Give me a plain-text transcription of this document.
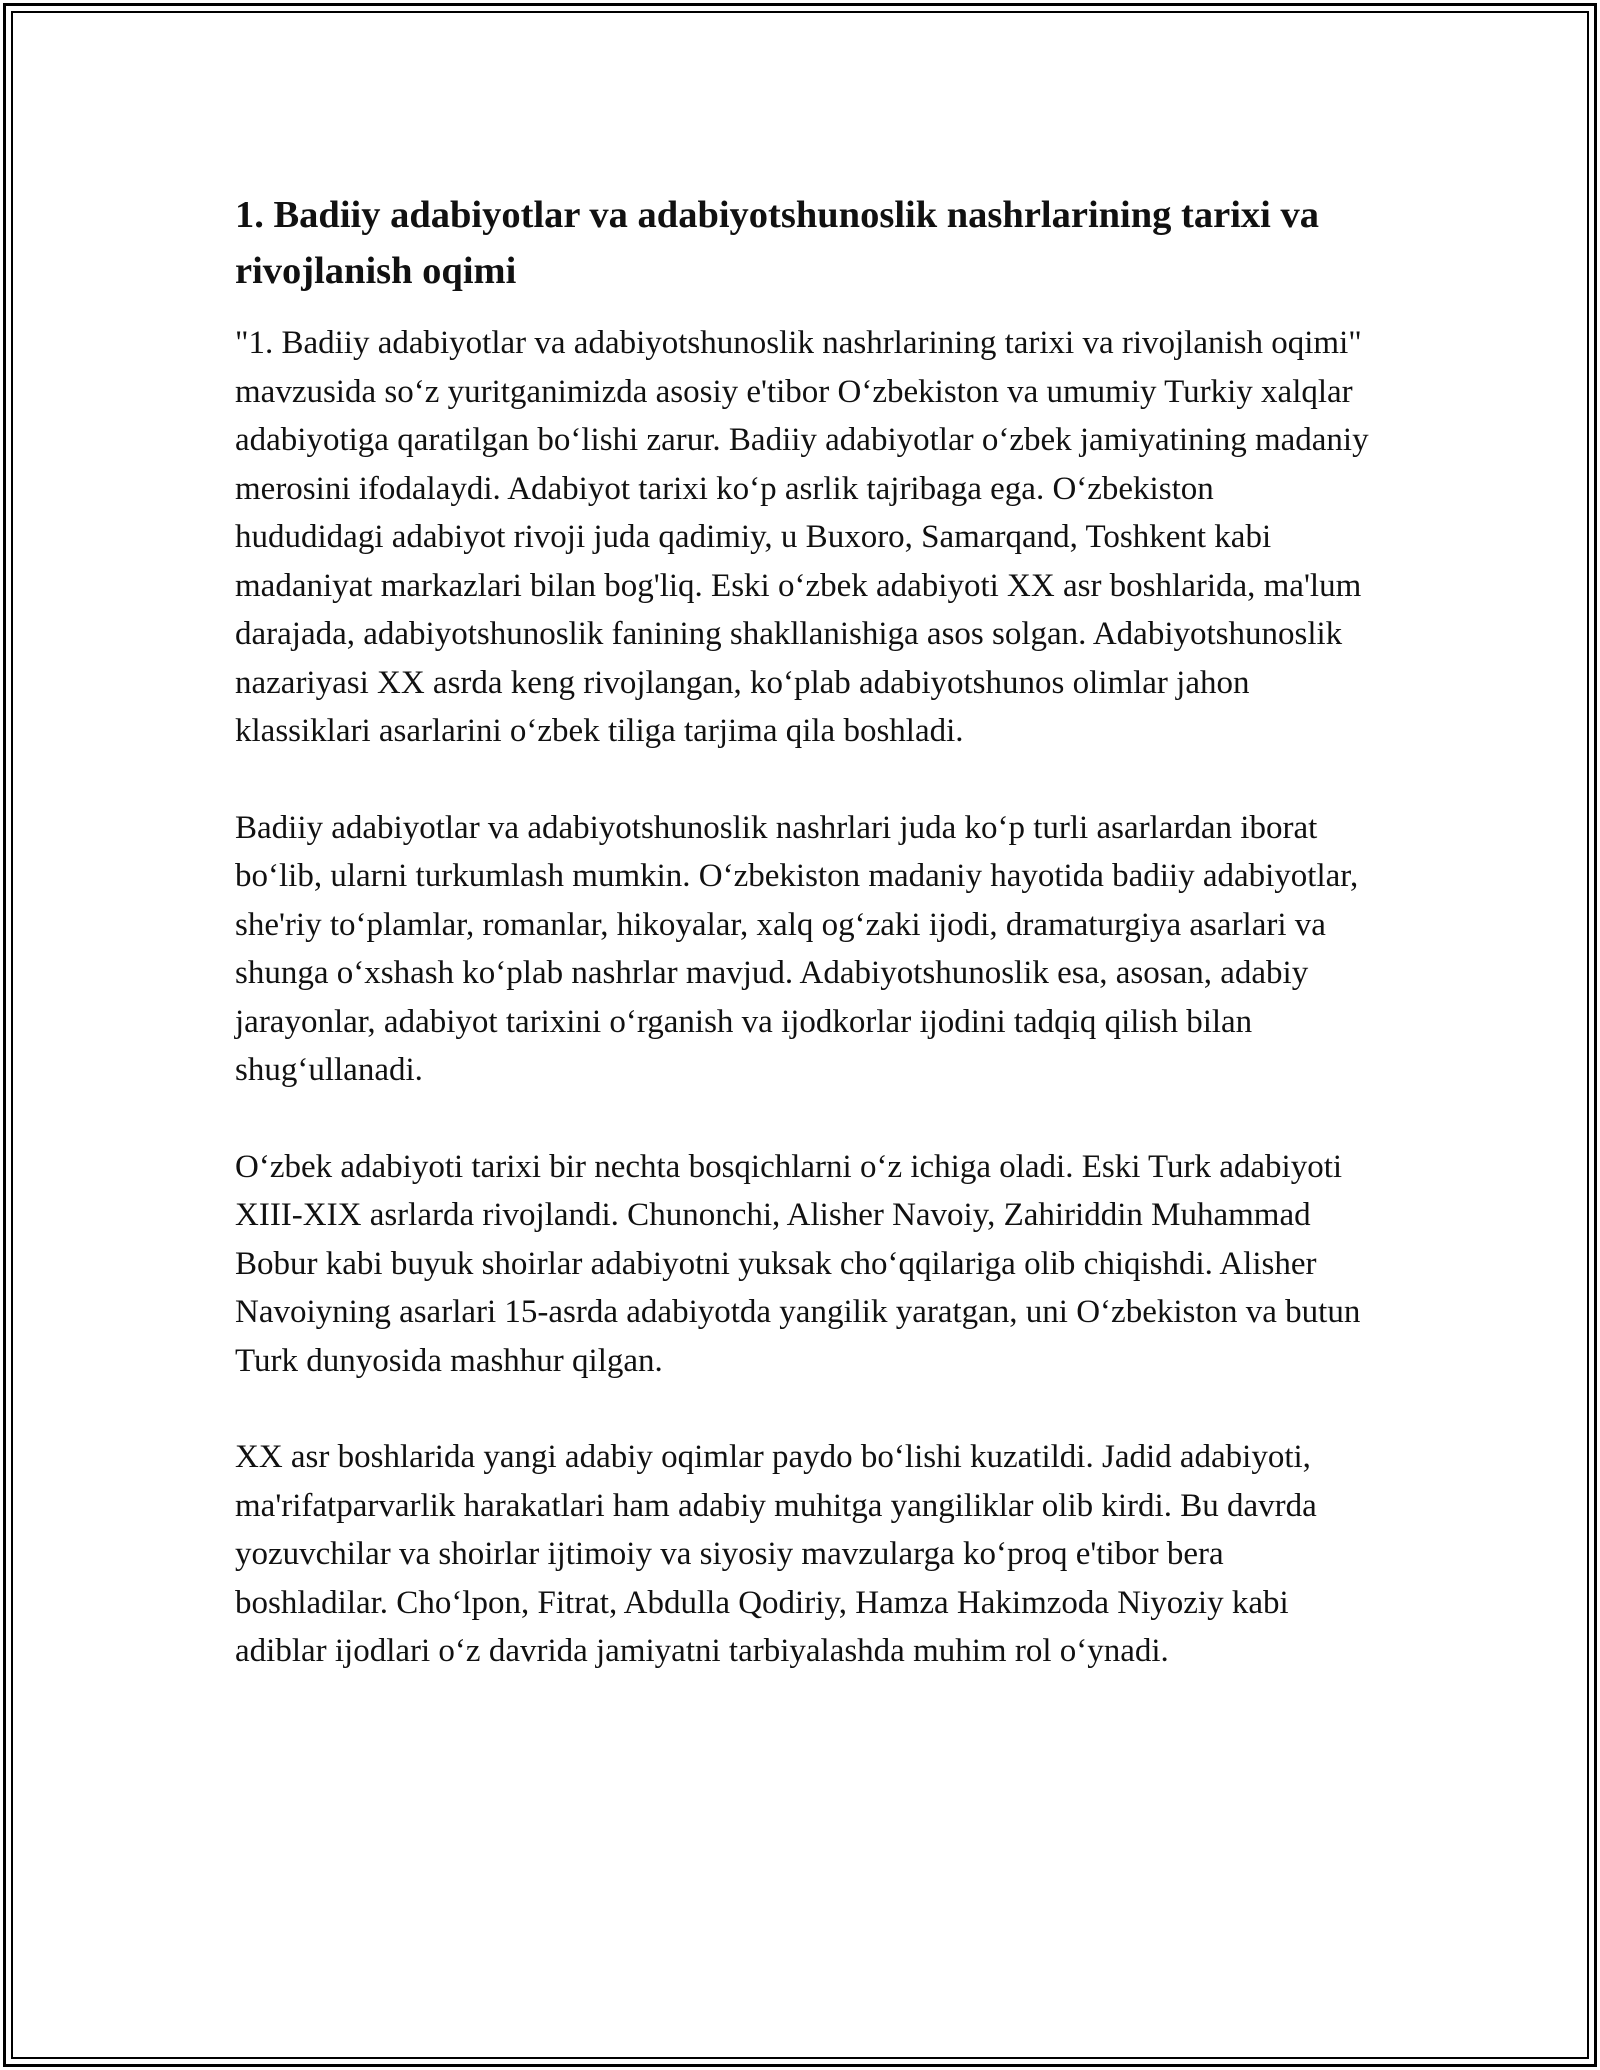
1. Badiiy adabiyotlar va adabiyotshunoslik nashrlarining tarixi va rivojlanish oqimi

"1. Badiiy adabiyotlar va adabiyotshunoslik nashrlarining tarixi va rivojlanish oqimi" mavzusida so‘z yuritganimizda asosiy e'tibor O‘zbekiston va umumiy Turkiy xalqlar adabiyotiga qaratilgan bo‘lishi zarur. Badiiy adabiyotlar o‘zbek jamiyatining madaniy merosini ifodalaydi. Adabiyot tarixi ko‘p asrlik tajribaga ega. O‘zbekiston hududidagi adabiyot rivoji juda qadimiy, u Buxoro, Samarqand, Toshkent kabi madaniyat markazlari bilan bog'liq. Eski o‘zbek adabiyoti XX asr boshlarida, ma'lum darajada, adabiyotshunoslik fanining shakllanishiga asos solgan. Adabiyotshunoslik nazariyasi XX asrda keng rivojlangan, ko‘plab adabiyotshunos olimlar jahon klassiklari asarlarini o‘zbek tiliga tarjima qila boshladi.

Badiiy adabiyotlar va adabiyotshunoslik nashrlari juda ko‘p turli asarlardan iborat bo‘lib, ularni turkumlash mumkin. O‘zbekiston madaniy hayotida badiiy adabiyotlar, she'riy to‘plamlar, romanlar, hikoyalar, xalq og‘zaki ijodi, dramaturgiya asarlari va shunga o‘xshash ko‘plab nashrlar mavjud. Adabiyotshunoslik esa, asosan, adabiy jarayonlar, adabiyot tarixini o‘rganish va ijodkorlar ijodini tadqiq qilish bilan shug‘ullanadi.

O‘zbek adabiyoti tarixi bir nechta bosqichlarni o‘z ichiga oladi. Eski Turk adabiyoti XIII-XIX asrlarda rivojlandi. Chunonchi, Alisher Navoiy, Zahiriddin Muhammad Bobur kabi buyuk shoirlar adabiyotni yuksak cho‘qqilariga olib chiqishdi. Alisher Navoiyning asarlari 15-asrda adabiyotda yangilik yaratgan, uni O‘zbekiston va butun Turk dunyosida mashhur qilgan.

XX asr boshlarida yangi adabiy oqimlar paydo bo‘lishi kuzatildi. Jadid adabiyoti, ma'rifatparvarlik harakatlari ham adabiy muhitga yangiliklar olib kirdi. Bu davrda yozuvchilar va shoirlar ijtimoiy va siyosiy mavzularga ko‘proq e'tibor bera boshladilar. Cho‘lpon, Fitrat, Abdulla Qodiriy, Hamza Hakimzoda Niyoziy kabi adiblar ijodlari o‘z davrida jamiyatni tarbiyalashda muhim rol o‘ynadi.
